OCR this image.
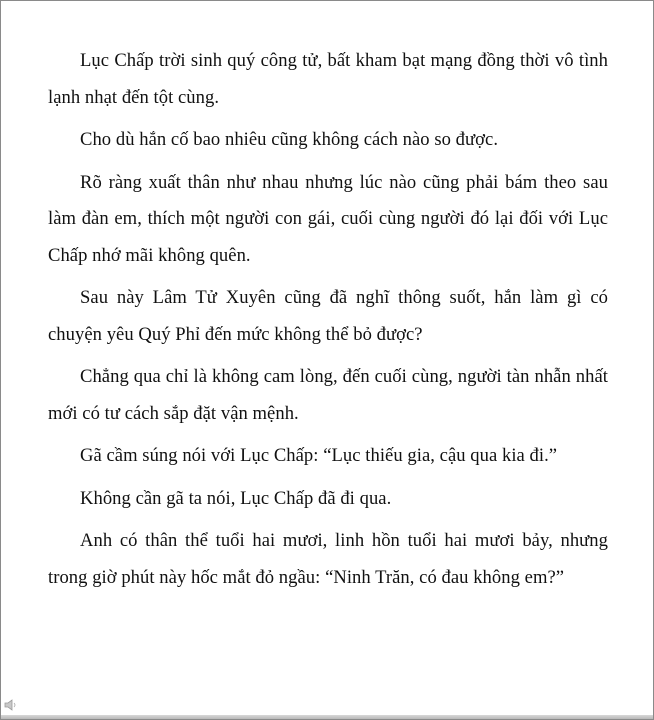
Lục Chấp trời sinh quý công tử, bất kham bạt mạng đồng thời vô tình lạnh nhạt đến tột cùng.

Cho dù hắn cố bao nhiêu cũng không cách nào so được.

Rõ ràng xuất thân như nhau nhưng lúc nào cũng phải bám theo sau làm đàn em, thích một người con gái, cuối cùng người đó lại đối với Lục Chấp nhớ mãi không quên.

Sau này Lâm Tử Xuyên cũng đã nghĩ thông suốt, hắn làm gì có chuyện yêu Quý Phỉ đến mức không thể bỏ được?

Chẳng qua chỉ là không cam lòng, đến cuối cùng, người tàn nhẫn nhất mới có tư cách sắp đặt vận mệnh.

Gã cầm súng nói với Lục Chấp: “Lục thiếu gia, cậu qua kia đi.”

Không cần gã ta nói, Lục Chấp đã đi qua.

Anh có thân thể tuổi hai mươi, linh hồn tuổi hai mươi bảy, nhưng trong giờ phút này hốc mắt đỏ ngầu: “Ninh Trăn, có đau không em?”
